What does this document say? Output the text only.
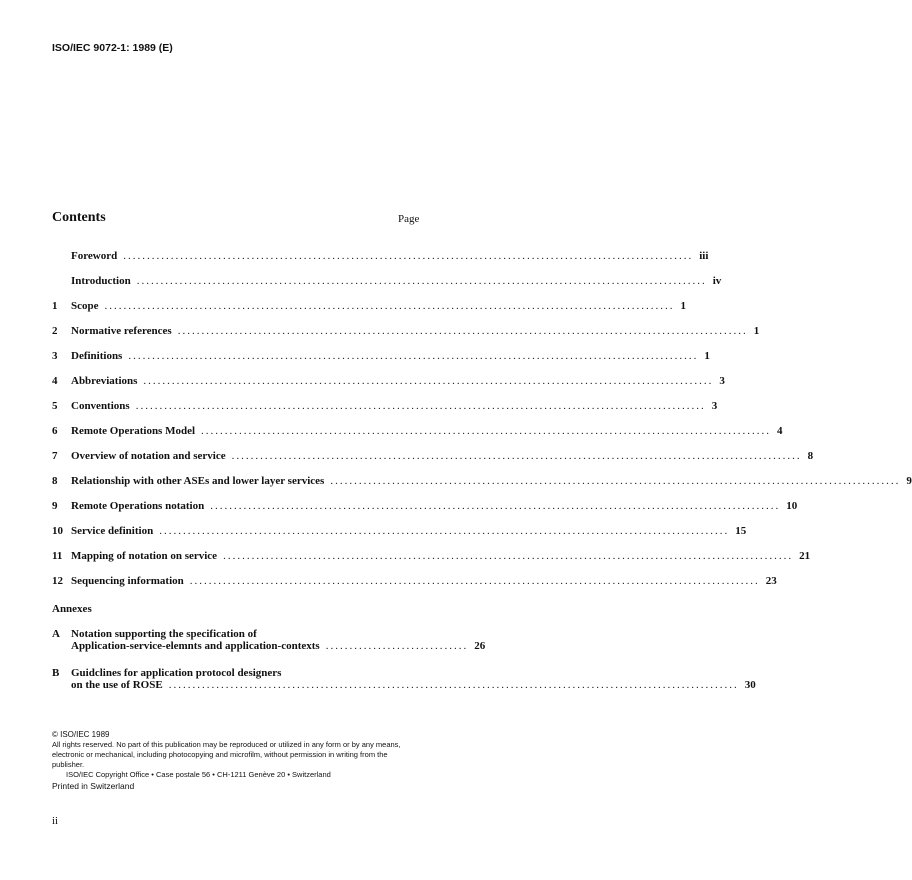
ISO/IEC 9072-1: 1989 (E)
Contents	Page
Foreword ........................................................................................................................ iii
Introduction ........................................................................................................................ iv
1	Scope ........................................................................................................................ 1
2	Normative references ........................................................................................................................ 1
3	Definitions ........................................................................................................................ 1
4	Abbreviations ........................................................................................................................ 3
5	Conventions ........................................................................................................................ 3
6	Remote Operations Model ........................................................................................................................ 4
7	Overview of notation and service ........................................................................................................................ 8
8	Relationship with other ASEs and lower layer services ........................................................................................................................ 9
9	Remote Operations notation ........................................................................................................................ 10
10 Service definition ........................................................................................................................ 15
11 Mapping of notation on service ........................................................................................................................ 21
12 Sequencing information ........................................................................................................................ 23
Annexes
A	Notation supporting the specification of
Application-service-elemnts and application-contexts .............................. 26
B	Guidclines for application protocol designers
on the use of ROSE ........................................................................................................................ 30
© ISO/IEC 1989
All rights reserved. No part of this publication may be reproduced or utilized in any form or by any means, electronic or mechanical, including photocopying and microfilm, without permission in writing from the publisher.
ISO/IEC Copyright Office • Case postale 56 • CH-1211 Genève 20 • Switzerland
Printed in Switzerland
ii
